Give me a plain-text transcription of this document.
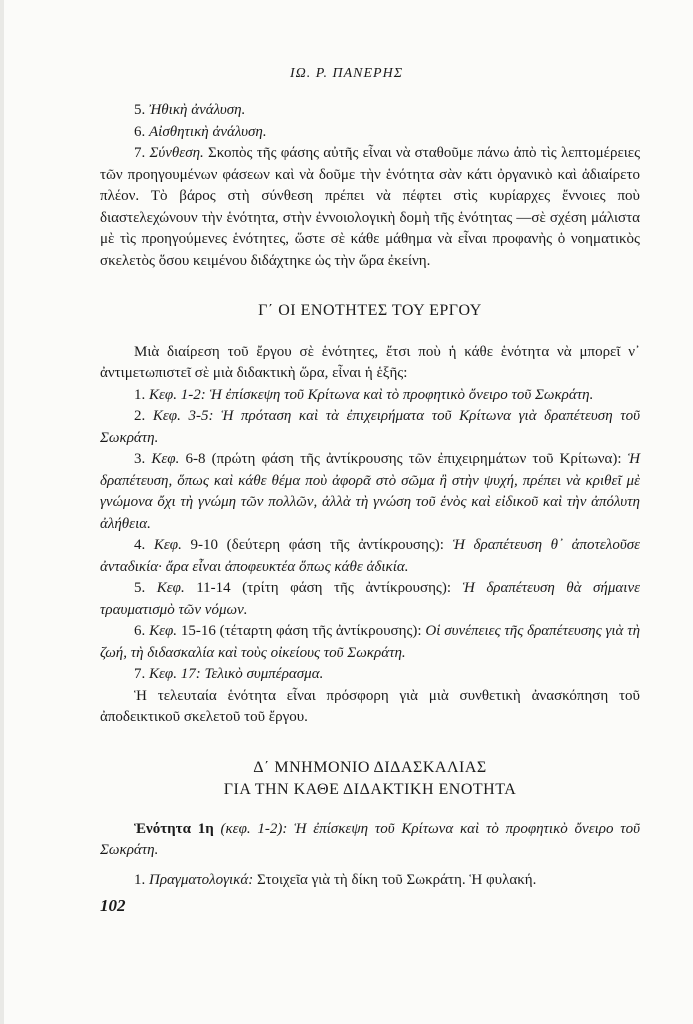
ΙΩ. Ρ. ΠΑΝΕΡΗΣ

5. Ἠθικὴ ἀνάλυση.

6. Αἰσθητικὴ ἀνάλυση.

7. Σύνθεση. Σκοπὸς τῆς φάσης αὐτῆς εἶναι νὰ σταθοῦμε πάνω ἀπὸ τὶς λεπτομέρειες τῶν προηγουμένων φάσεων καὶ νὰ δοῦμε τὴν ἑνότητα σὰν κάτι ὀργανικὸ καὶ ἀδιαίρετο πλέον. Τὸ βάρος στὴ σύνθεση πρέπει νὰ πέφτει στὶς κυρίαρχες ἔννοιες ποὺ διαστελεχώνουν τὴν ἑνότητα, στὴν ἐννοιολογικὴ δομὴ τῆς ἑνότητας —σὲ σχέση μάλιστα μὲ τὶς προηγούμενες ἑνότητες, ὥστε σὲ κάθε μάθημα νὰ εἶναι προφανὴς ὁ νοηματικὸς σκελετὸς ὅσου κειμένου διδάχτηκε ὡς τὴν ὥρα ἐκείνη.

Γ΄ ΟΙ ΕΝΟΤΗΤΕΣ ΤΟΥ ΕΡΓΟΥ

Μιὰ διαίρεση τοῦ ἔργου σὲ ἑνότητες, ἔτσι ποὺ ἡ κάθε ἑνότητα νὰ μπορεῖ ν᾽ ἀντιμετωπιστεῖ σὲ μιὰ διδακτικὴ ὥρα, εἶναι ἡ ἑξῆς:

1. Κεφ. 1-2: Ἡ ἐπίσκεψη τοῦ Κρίτωνα καὶ τὸ προφητικὸ ὄνειρο τοῦ Σωκράτη.

2. Κεφ. 3-5: Ἡ πρόταση καὶ τὰ ἐπιχειρήματα τοῦ Κρίτωνα γιὰ δραπέτευση τοῦ Σωκράτη.

3. Κεφ. 6-8 (πρώτη φάση τῆς ἀντίκρουσης τῶν ἐπιχειρημάτων τοῦ Κρίτωνα): Ἡ δραπέτευση, ὅπως καὶ κάθε θέμα ποὺ ἀφορᾶ στὸ σῶμα ἢ στὴν ψυχή, πρέπει νὰ κριθεῖ μὲ γνώμονα ὄχι τὴ γνώμη τῶν πολλῶν, ἀλλὰ τὴ γνώση τοῦ ἑνὸς καὶ εἰδικοῦ καὶ τὴν ἀπόλυτη ἀλήθεια.

4. Κεφ. 9-10 (δεύτερη φάση τῆς ἀντίκρουσης): Ἡ δραπέτευση θ᾽ ἀποτελοῦσε ἀνταδικία· ἄρα εἶναι ἀποφευκτέα ὅπως κάθε ἀδικία.

5. Κεφ. 11-14 (τρίτη φάση τῆς ἀντίκρουσης): Ἡ δραπέτευση θὰ σήμαινε τραυματισμὸ τῶν νόμων.

6. Κεφ. 15-16 (τέταρτη φάση τῆς ἀντίκρουσης): Οἱ συνέπειες τῆς δραπέτευσης γιὰ τὴ ζωή, τὴ διδασκαλία καὶ τοὺς οἰκείους τοῦ Σωκράτη.

7. Κεφ. 17: Τελικὸ συμπέρασμα.

Ἡ τελευταία ἑνότητα εἶναι πρόσφορη γιὰ μιὰ συνθετικὴ ἀνασκόπηση τοῦ ἀποδεικτικοῦ σκελετοῦ τοῦ ἔργου.

Δ΄ ΜΝΗΜΟΝΙΟ ΔΙΔΑΣΚΑΛΙΑΣ

ΓΙΑ ΤΗΝ ΚΑΘΕ ΔΙΔΑΚΤΙΚΗ ΕΝΟΤΗΤΑ

Ἑνότητα 1η (κεφ. 1-2): Ἡ ἐπίσκεψη τοῦ Κρίτωνα καὶ τὸ προφητικὸ ὄνειρο τοῦ Σωκράτη.

1. Πραγματολογικά: Στοιχεῖα γιὰ τὴ δίκη τοῦ Σωκράτη. Ἡ φυλακή.

102
